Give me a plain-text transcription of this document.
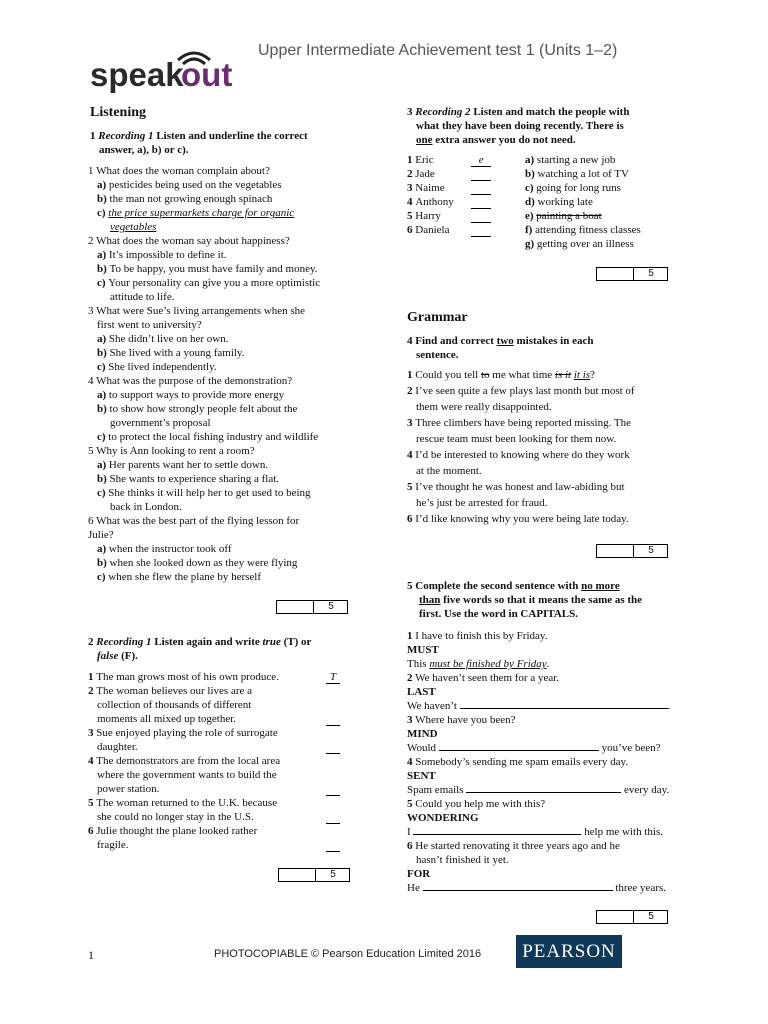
speak
out
Upper Intermediate Achievement test 1 (Units 1–2)
Listening
1 Recording 1 Listen and underline the correct
answer, a), b) or c).
1 What does the woman complain about?
a) pesticides being used on the vegetables
b) the man not growing enough spinach
c) the price supermarkets charge for organic
vegetables
2 What does the woman say about happiness?
a) It’s impossible to define it.
b) To be happy, you must have family and money.
c) Your personality can give you a more optimistic
attitude to life.
3 What were Sue’s living arrangements when she
first went to university?
a) She didn’t live on her own.
b) She lived with a young family.
c) She lived independently.
4 What was the purpose of the demonstration?
a) to support ways to provide more energy
b) to show how strongly people felt about the
government’s proposal
c) to protect the local fishing industry and wildlife
5 Why is Ann looking to rent a room?
a) Her parents want her to settle down.
b) She wants to experience sharing a flat.
c) She thinks it will help her to get used to being
back in London.
6 What was the best part of the flying lesson for
Julie?
a) when the instructor took off
b) when she looked down as they were flying
c) when she flew the plane by herself
5
2 Recording 1 Listen again and write true (T) or
false (F).
1 The man grows most of his own produce.	T
2 The woman believes our lives are a
collection of thousands of different
moments all mixed up together.
3 Sue enjoyed playing the role of surrogate
daughter.
4 The demonstrators are from the local area
where the government wants to build the
power station.
5 The woman returned to the U.K. because
she could no longer stay in the U.S.
6 Julie thought the plane looked rather
fragile.
5
3 Recording 2 Listen and match the people with
what they have been doing recently. There is
one extra answer you do not need.
1 Eric	e
2 Jade
3 Naime
4 Anthony
5 Harry
6 Daniela
a) starting a new job
b) watching a lot of TV
c) going for long runs
d) working late
e) painting a boat
f) attending fitness classes
g) getting over an illness
5
Grammar
4 Find and correct two mistakes in each
sentence.
1 Could you tell to me what time is it it is?
2 I’ve seen quite a few plays last month but most of
them were really disappointed.
3 Three climbers have being reported missing. The
rescue team must been looking for them now.
4 I’d be interested to knowing where do they work
at the moment.
5 I’ve thought he was honest and law-abiding but
he’s just be arrested for fraud.
6 I’d like knowing why you were being late today.
5
5 Complete the second sentence with no more
than five words so that it means the same as the
first. Use the word in CAPITALS.
1 I have to finish this by Friday.
MUST
This must be finished by Friday.
2 We haven’t seen them for a year.
LAST
We haven’t	.
3 Where have you been?
MIND
Would	you’ve been?
4 Somebody’s sending me spam emails every day.
SENT
Spam emails	every day.
5 Could you help me with this?
WONDERING
I	help me with this.
6 He started renovating it three years ago and he
hasn’t finished it yet.
FOR
He	three years.
5
1	PHOTOCOPIABLE © Pearson Education Limited 2016	PEARSON
